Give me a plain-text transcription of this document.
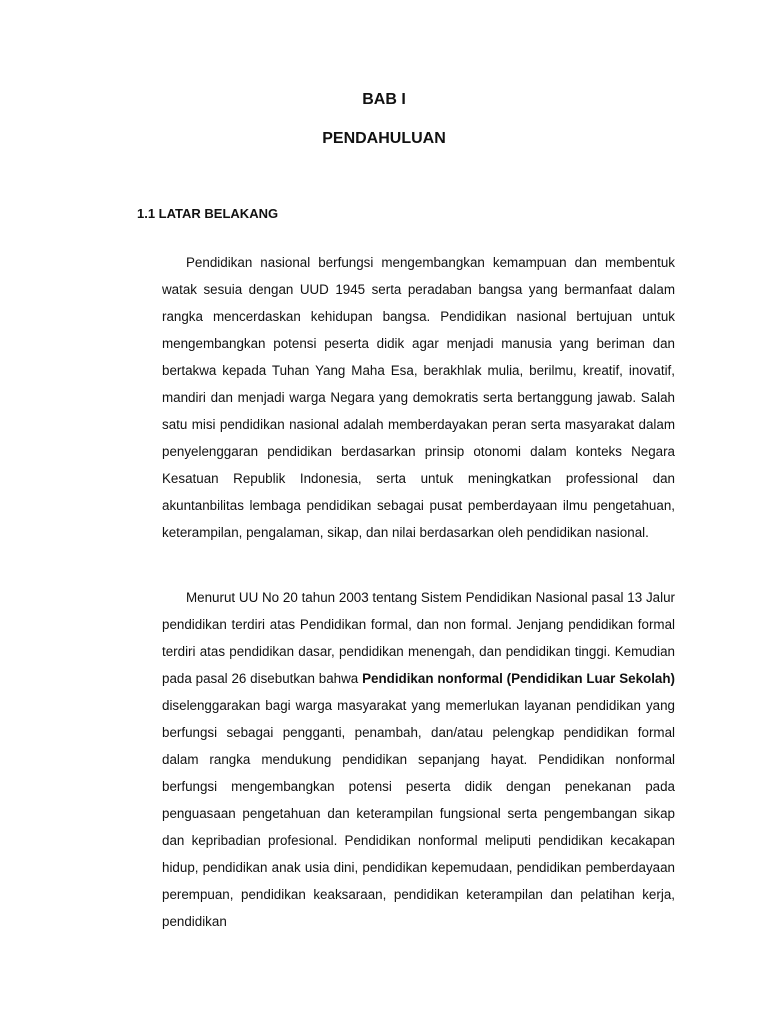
BAB I
PENDAHULUAN
1.1 LATAR BELAKANG

Pendidikan nasional berfungsi mengembangkan kemampuan dan membentuk watak sesuia dengan UUD 1945 serta peradaban bangsa yang bermanfaat dalam rangka mencerdaskan kehidupan bangsa. Pendidikan nasional bertujuan untuk mengembangkan potensi peserta didik agar menjadi manusia yang beriman dan bertakwa kepada Tuhan Yang Maha Esa, berakhlak mulia, berilmu, kreatif, inovatif, mandiri dan menjadi warga Negara yang demokratis serta bertanggung jawab. Salah satu misi pendidikan nasional adalah memberdayakan peran serta masyarakat dalam penyelenggaran pendidikan berdasarkan prinsip otonomi dalam konteks Negara Kesatuan Republik Indonesia, serta untuk meningkatkan professional dan akuntanbilitas lembaga pendidikan sebagai pusat pemberdayaan ilmu pengetahuan, keterampilan, pengalaman, sikap, dan nilai berdasarkan oleh pendidikan nasional.

Menurut UU No 20 tahun 2003 tentang Sistem Pendidikan Nasional pasal 13 Jalur pendidikan terdiri atas Pendidikan formal, dan non formal. Jenjang pendidikan formal terdiri atas pendidikan dasar, pendidikan menengah, dan pendidikan tinggi. Kemudian pada pasal 26 disebutkan bahwa Pendidikan nonformal (Pendidikan Luar Sekolah) diselenggarakan bagi warga masyarakat yang memerlukan layanan pendidikan yang berfungsi sebagai pengganti, penambah, dan/atau pelengkap pendidikan formal dalam rangka mendukung pendidikan sepanjang hayat. Pendidikan nonformal berfungsi mengembangkan potensi peserta didik dengan penekanan pada penguasaan pengetahuan dan keterampilan fungsional serta pengembangan sikap dan kepribadian profesional. Pendidikan nonformal meliputi pendidikan kecakapan hidup, pendidikan anak usia dini, pendidikan kepemudaan, pendidikan pemberdayaan perempuan, pendidikan keaksaraan, pendidikan keterampilan dan pelatihan kerja, pendidikan
